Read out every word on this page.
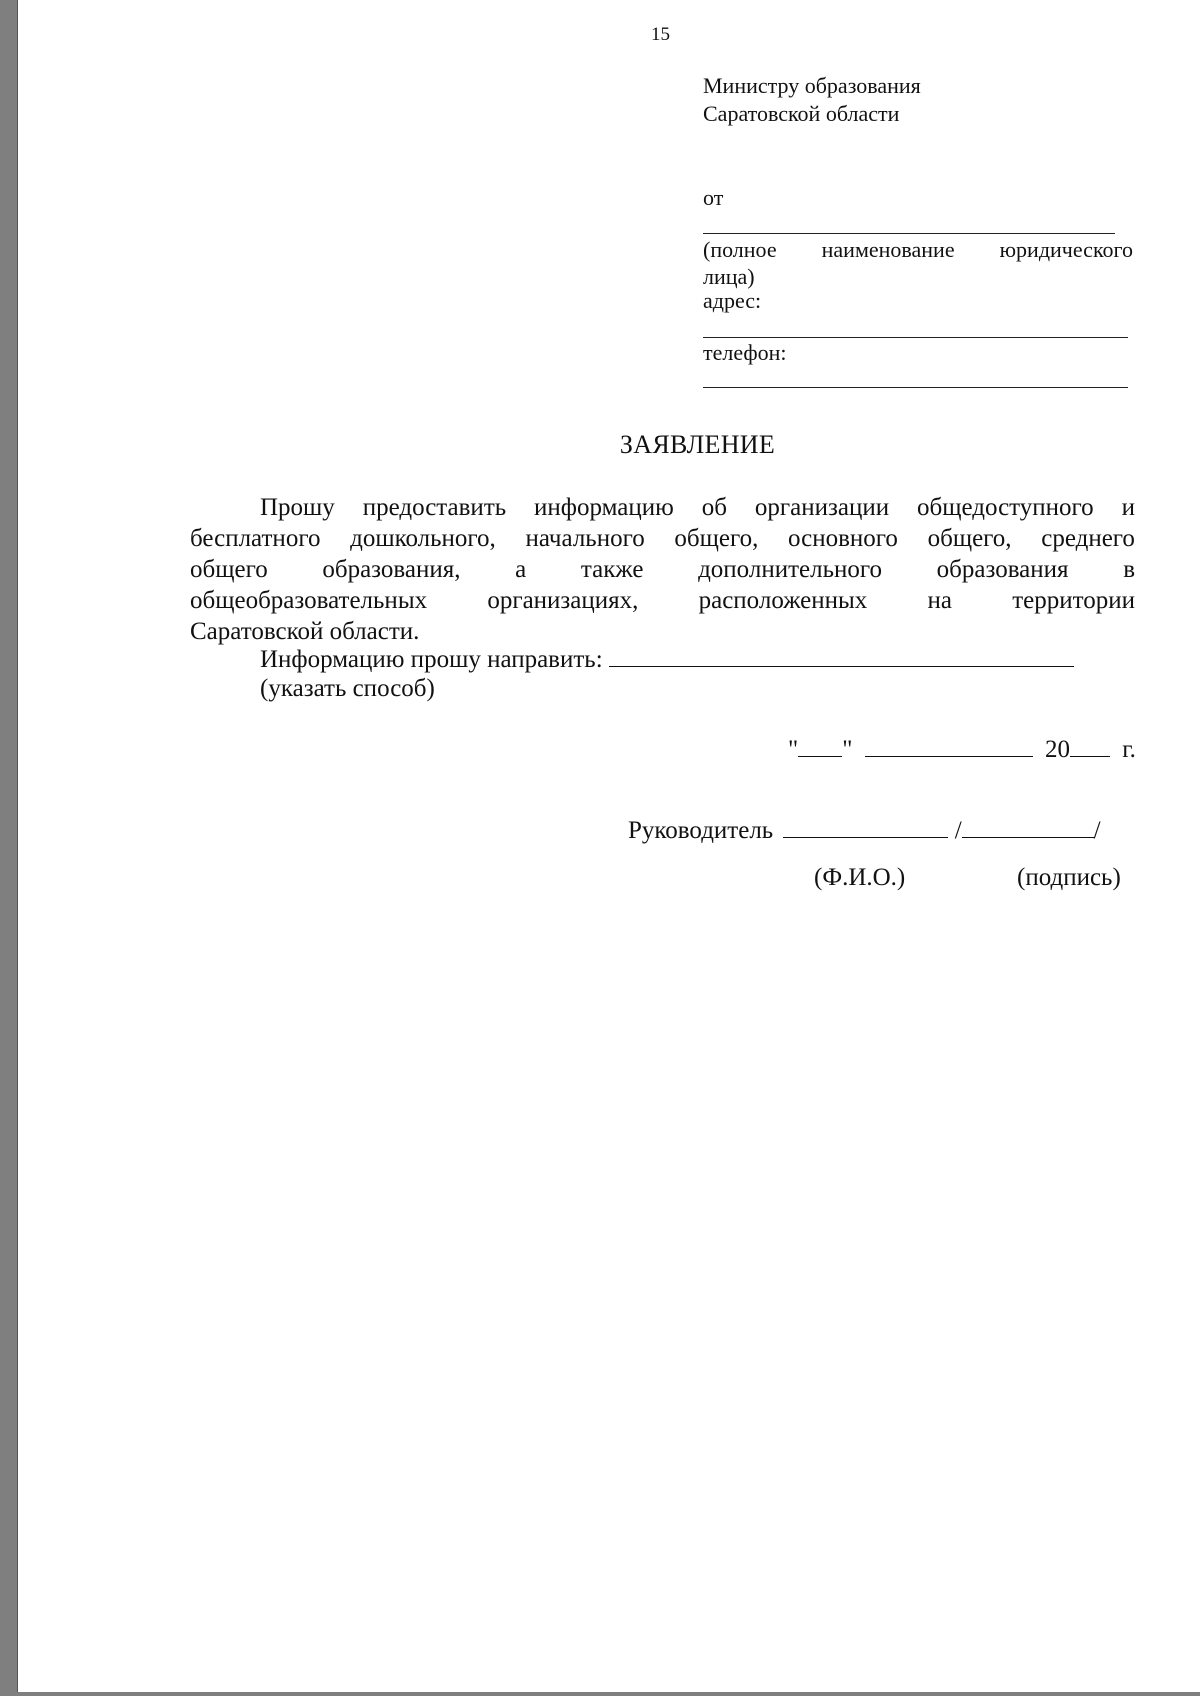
15
Министру образования
Саратовской области
от
(полное наименование юридического
лица)
адрес:
телефон:
ЗАЯВЛЕНИЕ
Прошу предоставить информацию об организации общедоступного и
бесплатного дошкольного, начального общего, основного общего, среднего
общего образования, а также дополнительного образования в
общеобразовательных организациях, расположенных на территории
Саратовской области.
Информацию прошу направить:
(указать способ)
" "	20 г.
Руководитель	/	/
(Ф.И.О.)	(подпись)
